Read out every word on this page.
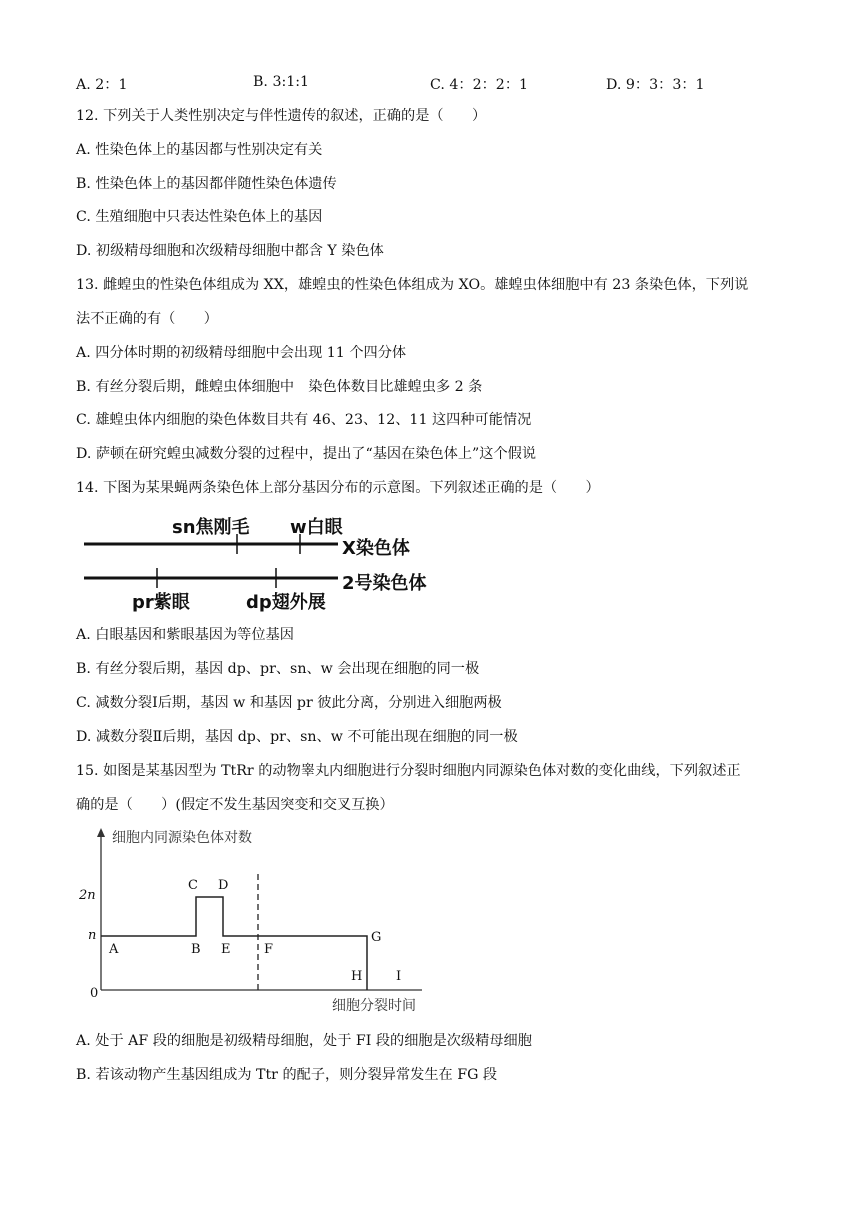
A. 2：1	B. 3:1:1	C. 4：2：2：1	D. 9：3：3：1
12. 下列关于人类性别决定与伴性遗传的叙述，正确的是（　　）
A. 性染色体上的基因都与性别决定有关
B. 性染色体上的基因都伴随性染色体遗传
C. 生殖细胞中只表达性染色体上的基因
D. 初级精母细胞和次级精母细胞中都含 Y 染色体
13. 雌蝗虫的性染色体组成为 XX，雄蝗虫的性染色体组成为 XO。雄蝗虫体细胞中有 23 条染色体，下列说
法不正确的有（　　）
A. 四分体时期的初级精母细胞中会出现 11 个四分体
B. 有丝分裂后期，雌蝗虫体细胞中　染色体数目比雄蝗虫多 2 条
C. 雄蝗虫体内细胞的染色体数目共有 46、23、12、11 这四种可能情况
D. 萨顿在研究蝗虫减数分裂的过程中，提出了“基因在染色体上”这个假说
14. 下图为某果蝇两条染色体上部分基因分布的示意图。下列叙述正确的是（　　）
sn焦刚毛 w白眼
X染色体
2号染色体
pr紫眼	dp翅外展
A. 白眼基因和紫眼基因为等位基因
B. 有丝分裂后期，基因 dp、pr、sn、w 会出现在细胞的同一极
C. 减数分裂Ⅰ后期，基因 w 和基因 pr 彼此分离，分别进入细胞两极
D. 减数分裂Ⅱ后期，基因 dp、pr、sn、w 不可能出现在细胞的同一极
15. 如图是某基因型为 TtRr 的动物睾丸内细胞进行分裂时细胞内同源染色体对数的变化曲线，下列叙述正
确的是（　　）(假定不发生基因突变和交叉互换）
细胞内同源染色体对数
细胞分裂时间
2n
n
0
A	B
C D
E	F
G
H	I
A. 处于 AF 段的细胞是初级精母细胞，处于 FI 段的细胞是次级精母细胞
B. 若该动物产生基因组成为 Ttr 的配子，则分裂异常发生在 FG 段
